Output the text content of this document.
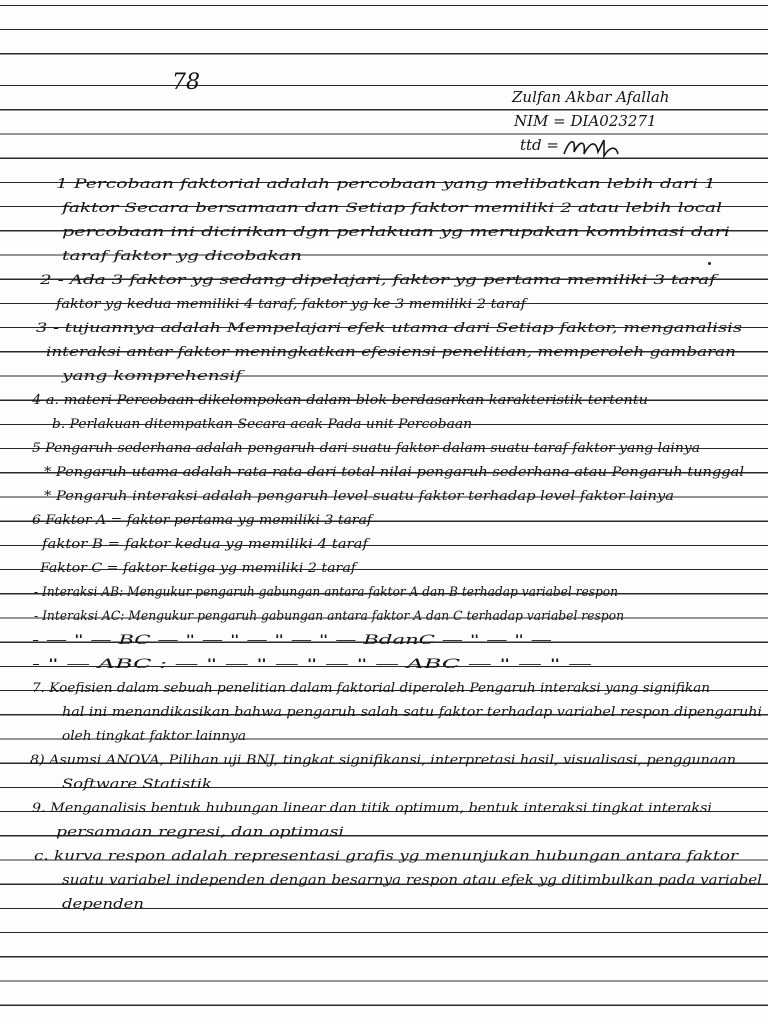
78
Zulfan Akbar Afallah
NIM = DIA023271
ttd =
1 Percobaan faktorial adalah percobaan yang melibatkan lebih dari 1
faktor Secara bersamaan dan Setiap faktor memiliki 2 atau lebih local
percobaan ini dicirikan dgn perlakuan yg merupakan kombinasi dari
taraf faktor yg dicobakan
2 - Ada 3 faktor yg sedang dipelajari, faktor yg pertama memiliki 3 taraf
faktor yg kedua memiliki 4 taraf, faktor yg ke 3 memiliki 2 taraf
3 - tujuannya adalah Mempelajari efek utama dari Setiap faktor, menganalisis
interaksi antar faktor meningkatkan efesiensi penelitian, memperoleh gambaran
yang komprehensif
4 a. materi Percobaan dikelompokan dalam blok berdasarkan karakteristik tertentu
b. Perlakuan ditempatkan Secara acak Pada unit Percobaan
5 Pengaruh sederhana adalah pengaruh dari suatu faktor dalam suatu taraf faktor yang lainya
* Pengaruh utama adalah rata-rata dari total nilai pengaruh sederhana atau Pengaruh tunggal
* Pengaruh interaksi adalah pengaruh level suatu faktor terhadap level faktor lainya
6 Faktor A = faktor pertama yg memiliki 3 taraf
faktor B = faktor kedua yg memiliki 4 taraf
Faktor C = faktor ketiga yg memiliki 2 taraf
- Interaksi AB: Mengukur pengaruh gabungan antara faktor A dan B terhadap variabel respon
- Interaksi AC: Mengukur pengaruh gabungan antara faktor A dan C terhadap variabel respon
- — " — BC — " — " — " — " — BdanC — " — " —
- " — ABC : — " — " — " — " — ABC — " — " —
7. Koefisien dalam sebuah penelitian dalam faktorial diperoleh Pengaruh interaksi yang signifikan
hal ini menandikasikan bahwa pengaruh salah satu faktor terhadap variabel respon dipengaruhi
oleh tingkat faktor lainnya
8) Asumsi ANOVA, Pilihan uji BNJ, tingkat signifikansi, interpretasi hasil, visualisasi, penggunaan
Software Statistik
9. Menganalisis bentuk hubungan linear dan titik optimum, bentuk interaksi tingkat interaksi
persamaan regresi, dan optimasi
c. kurva respon adalah representasi grafis yg menunjukan hubungan antara faktor
suatu variabel independen dengan besarnya respon atau efek yg ditimbulkan pada variabel
dependen
